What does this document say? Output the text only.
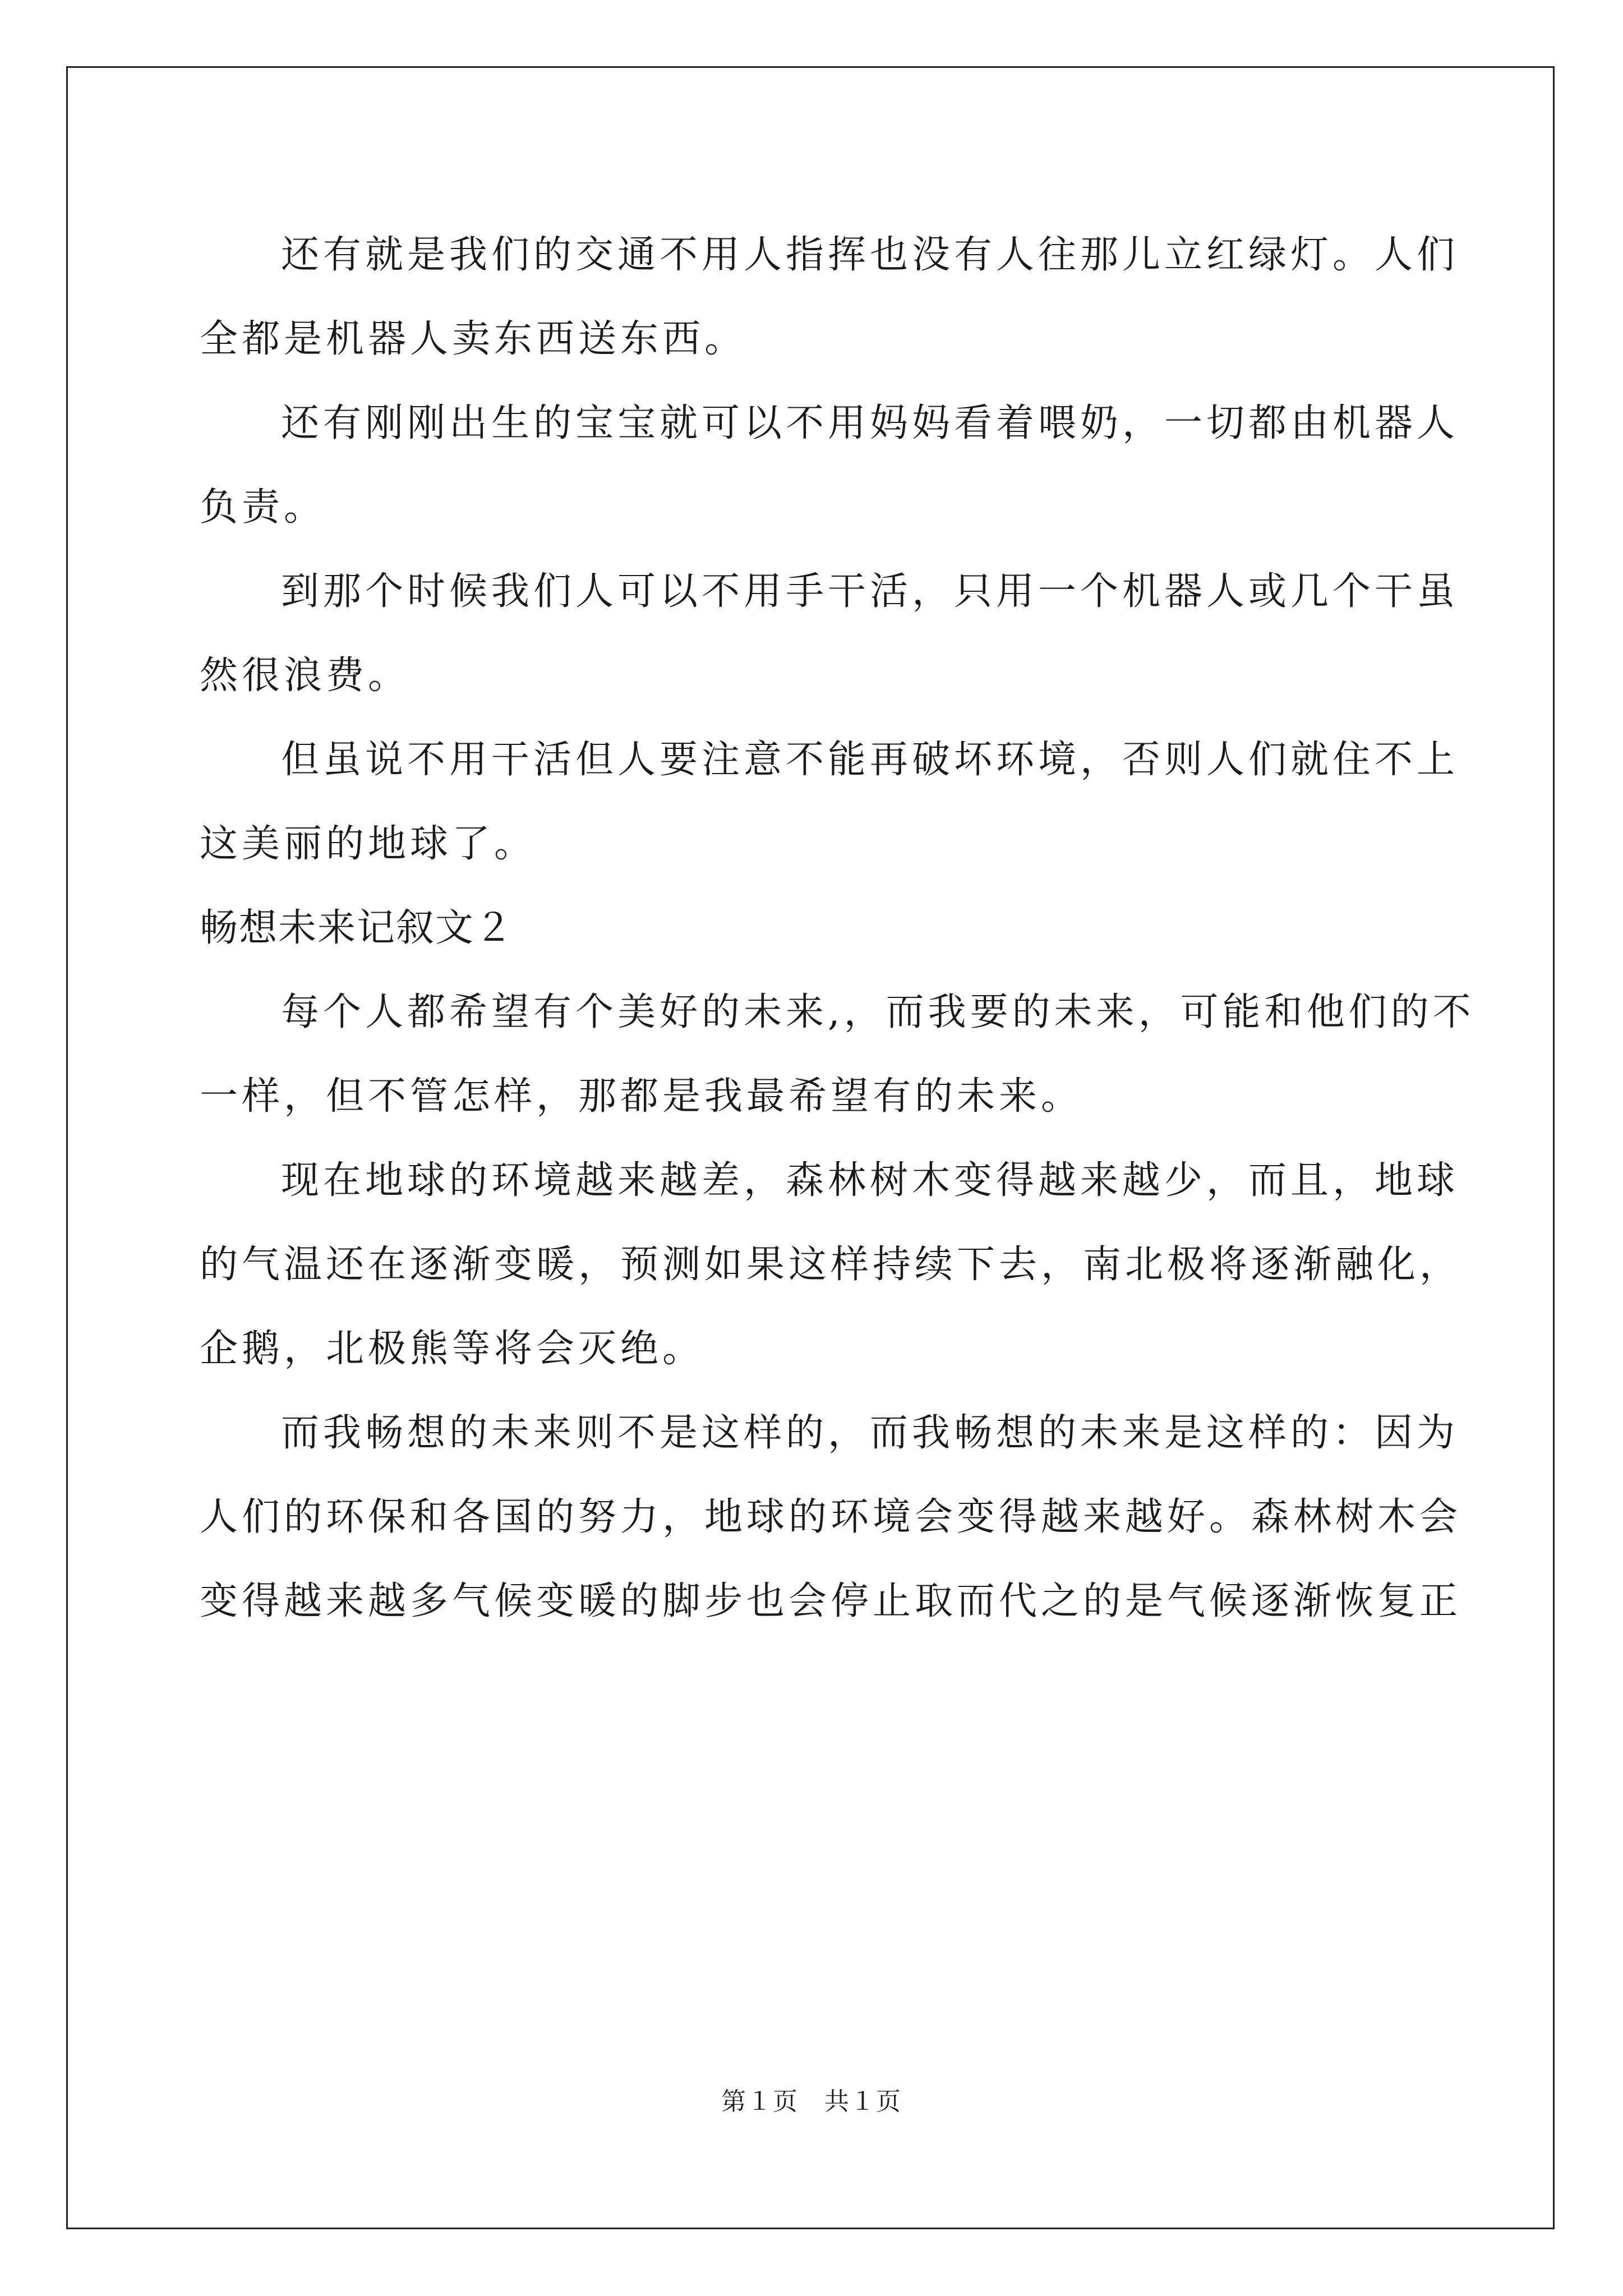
还有就是我们的交通不用人指挥也没有人往那儿立红绿灯。人们
全都是机器人卖东西送东西。
还有刚刚出生的宝宝就可以不用妈妈看着喂奶，一切都由机器人
负责。
到那个时候我们人可以不用手干活，只用一个机器人或几个干虽
然很浪费。
但虽说不用干活但人要注意不能再破坏环境，否则人们就住不上
这美丽的地球了。
畅想未来记叙文２
每个人都希望有个美好的未来,，而我要的未来，可能和他们的不
一样，但不管怎样，那都是我最希望有的未来。
现在地球的环境越来越差，森林树木变得越来越少，而且，地球
的气温还在逐渐变暖，预测如果这样持续下去，南北极将逐渐融化，
企鹅，北极熊等将会灭绝。
而我畅想的未来则不是这样的，而我畅想的未来是这样的：因为
人们的环保和各国的努力，地球的环境会变得越来越好。森林树木会
变得越来越多气候变暖的脚步也会停止取而代之的是气候逐渐恢复正
第１页　共１页
